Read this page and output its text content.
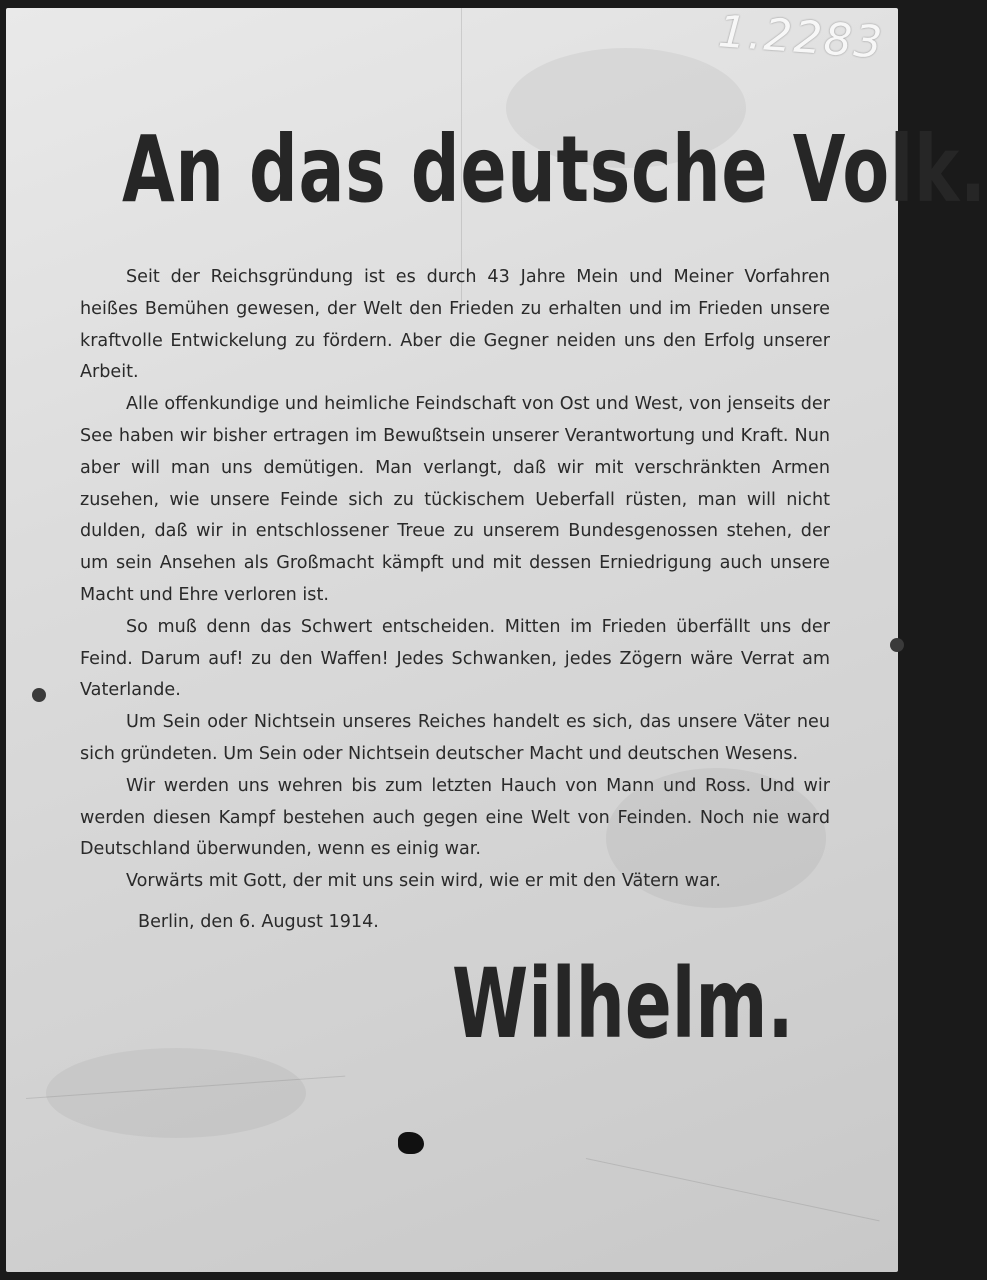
1.2283
An das deutsche Volk.

Seit der Reichsgründung ist es durch 43 Jahre Mein und Meiner Vorfahren heißes Bemühen gewesen, der Welt den Frieden zu erhalten und im Frieden unsere kraftvolle Entwickelung zu fördern. Aber die Gegner neiden uns den Erfolg unserer Arbeit.

Alle offenkundige und heimliche Feindschaft von Ost und West, von jenseits der See haben wir bisher ertragen im Bewußtsein unserer Verantwortung und Kraft. Nun aber will man uns demütigen. Man verlangt, daß wir mit verschränkten Armen zusehen, wie unsere Feinde sich zu tückischem Ueberfall rüsten, man will nicht dulden, daß wir in entschlossener Treue zu unserem Bundesgenossen stehen, der um sein Ansehen als Großmacht kämpft und mit dessen Erniedrigung auch unsere Macht und Ehre verloren ist.

So muß denn das Schwert entscheiden. Mitten im Frieden überfällt uns der Feind. Darum auf! zu den Waffen! Jedes Schwanken, jedes Zögern wäre Verrat am Vaterlande.

Um Sein oder Nichtsein unseres Reiches handelt es sich, das unsere Väter neu sich gründeten. Um Sein oder Nichtsein deutscher Macht und deutschen Wesens.

Wir werden uns wehren bis zum letzten Hauch von Mann und Ross. Und wir werden diesen Kampf bestehen auch gegen eine Welt von Feinden. Noch nie ward Deutschland überwunden, wenn es einig war.

Vorwärts mit Gott, der mit uns sein wird, wie er mit den Vätern war.

Berlin, den 6. August 1914.
Wilhelm.
